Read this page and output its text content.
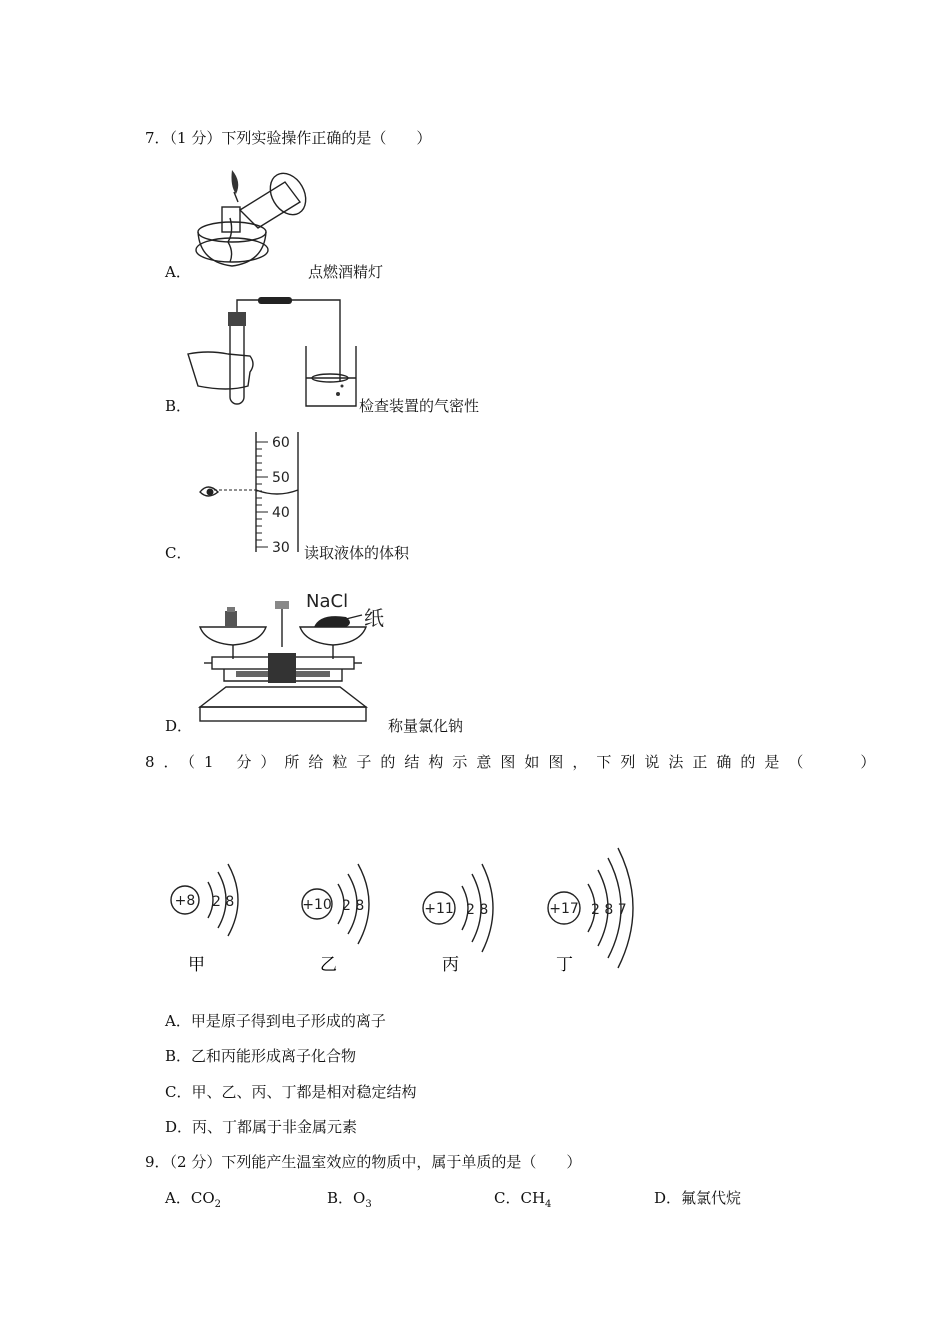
7．（1 分）下列实验操作正确的是（　　）
A．	点燃酒精灯
B．	检查装置的气密性
60
50
40
30
C．	读取液体的体积
NaCl
纸
D．	称量氯化钠
8．（1 分）所给粒子的结构示意图如图，下列说法正确的是（　　）
+8 2 8
甲
+10 2 8
乙
+11 2 8
丙
+17 2 8 7
丁
A．甲是原子得到电子形成的离子
B．乙和丙能形成离子化合物
C．甲、乙、丙、丁都是相对稳定结构
D．丙、丁都属于非金属元素
9．（2 分）下列能产生温室效应的物质中，属于单质的是（　　）
A．$CO_2$	B．$O_3$	C．$CH_4$	D．氟氯代烷
